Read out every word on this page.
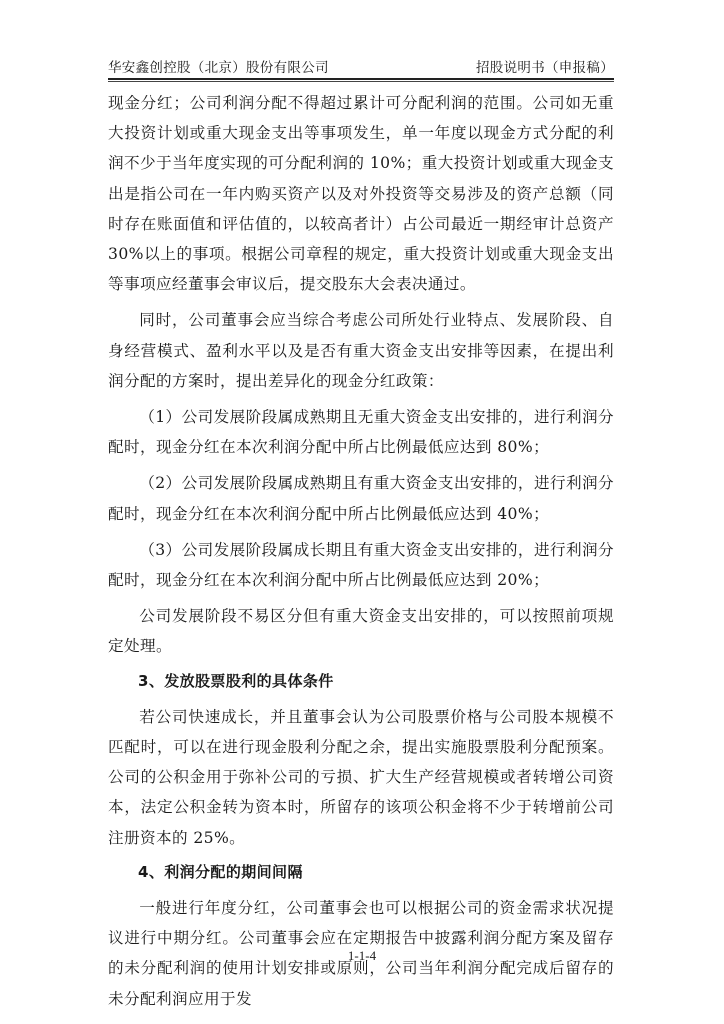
华安鑫创控股（北京）股份有限公司	招股说明书（申报稿）

现金分红；公司利润分配不得超过累计可分配利润的范围。公司如无重大投资计划或重大现金支出等事项发生，单一年度以现金方式分配的利润不少于当年度实现的可分配利润的 10%；重大投资计划或重大现金支出是指公司在一年内购买资产以及对外投资等交易涉及的资产总额（同时存在账面值和评估值的，以较高者计）占公司最近一期经审计总资产 30%以上的事项。根据公司章程的规定，重大投资计划或重大现金支出等事项应经董事会审议后，提交股东大会表决通过。

同时，公司董事会应当综合考虑公司所处行业特点、发展阶段、自身经营模式、盈利水平以及是否有重大资金支出安排等因素，在提出利润分配的方案时，提出差异化的现金分红政策：

（1）公司发展阶段属成熟期且无重大资金支出安排的，进行利润分配时，现金分红在本次利润分配中所占比例最低应达到 80%；

（2）公司发展阶段属成熟期且有重大资金支出安排的，进行利润分配时，现金分红在本次利润分配中所占比例最低应达到 40%；

（3）公司发展阶段属成长期且有重大资金支出安排的，进行利润分配时，现金分红在本次利润分配中所占比例最低应达到 20%；

公司发展阶段不易区分但有重大资金支出安排的，可以按照前项规定处理。

3、发放股票股利的具体条件

若公司快速成长，并且董事会认为公司股票价格与公司股本规模不匹配时，可以在进行现金股利分配之余，提出实施股票股利分配预案。公司的公积金用于弥补公司的亏损、扩大生产经营规模或者转增公司资本，法定公积金转为资本时，所留存的该项公积金将不少于转增前公司注册资本的 25%。

4、利润分配的期间间隔

一般进行年度分红，公司董事会也可以根据公司的资金需求状况提议进行中期分红。公司董事会应在定期报告中披露利润分配方案及留存的未分配利润的使用计划安排或原则，公司当年利润分配完成后留存的未分配利润应用于发

1-1-4
